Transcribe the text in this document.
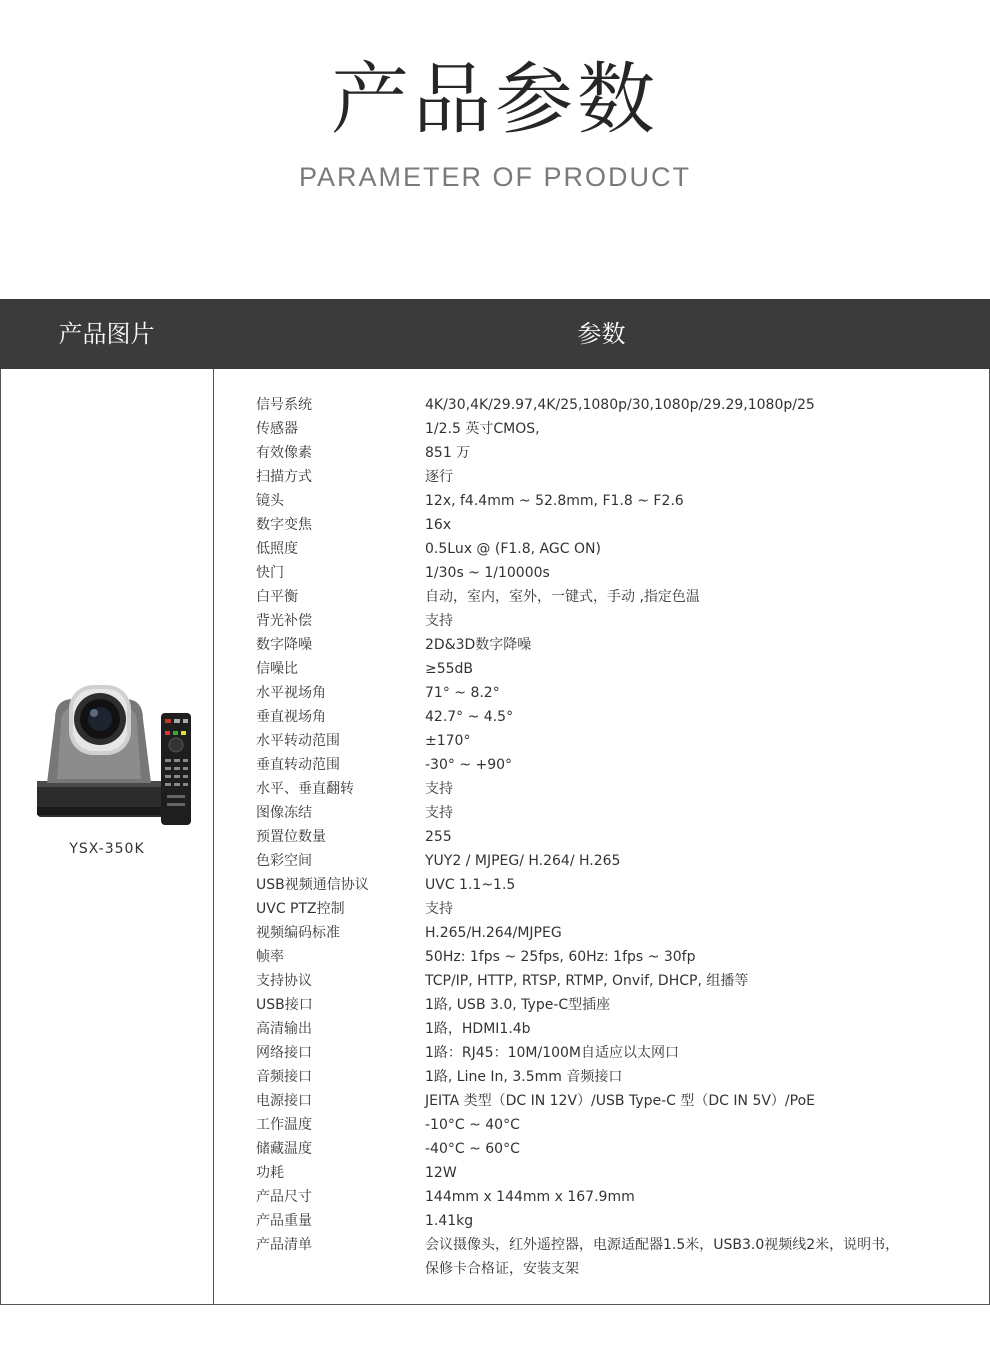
产品参数
PARAMETER OF PRODUCT
产品图片	参数
YSX-350K
信号系统	4K/30,4K/29.97,4K/25,1080p/30,1080p/29.29,1080p/25
传感器	1/2.5 英寸CMOS,
有效像素	851 万
扫描方式	逐行
镜头	12x, f4.4mm ~ 52.8mm, F1.8 ~ F2.6
数字变焦	16x
低照度	0.5Lux @ (F1.8, AGC ON)
快门	1/30s ~ 1/10000s
白平衡	自动，室内，室外，一键式，手动 ,指定色温
背光补偿	支持
数字降噪	2D&3D数字降噪
信噪比	≥55dB
水平视场角	71° ~ 8.2°
垂直视场角	42.7° ~ 4.5°
水平转动范围	±170°
垂直转动范围	-30° ~ +90°
水平、垂直翻转	支持
图像冻结	支持
预置位数量	255
色彩空间	YUY2 / MJPEG/ H.264/ H.265
USB视频通信协议	UVC 1.1~1.5
UVC PTZ控制	支持
视频编码标准	H.265/H.264/MJPEG
帧率	50Hz: 1fps ~ 25fps, 60Hz: 1fps ~ 30fp
支持协议	TCP/IP, HTTP, RTSP, RTMP, Onvif, DHCP, 组播等
USB接口	1路, USB 3.0, Type-C型插座
高清输出	1路，HDMI1.4b
网络接口	1路：RJ45：10M/100M自适应以太网口
音频接口	1路, Line In, 3.5mm 音频接口
电源接口	JEITA 类型（DC IN 12V）/USB Type-C 型（DC IN 5V）/PoE
工作温度	-10°C ~ 40°C
储藏温度	-40°C ~ 60°C
功耗	12W
产品尺寸	144mm x 144mm x 167.9mm
产品重量	1.41kg
产品清单	会议摄像头，红外遥控器，电源适配器1.5米，USB3.0视频线2米，说明书，
保修卡合格证，安装支架
